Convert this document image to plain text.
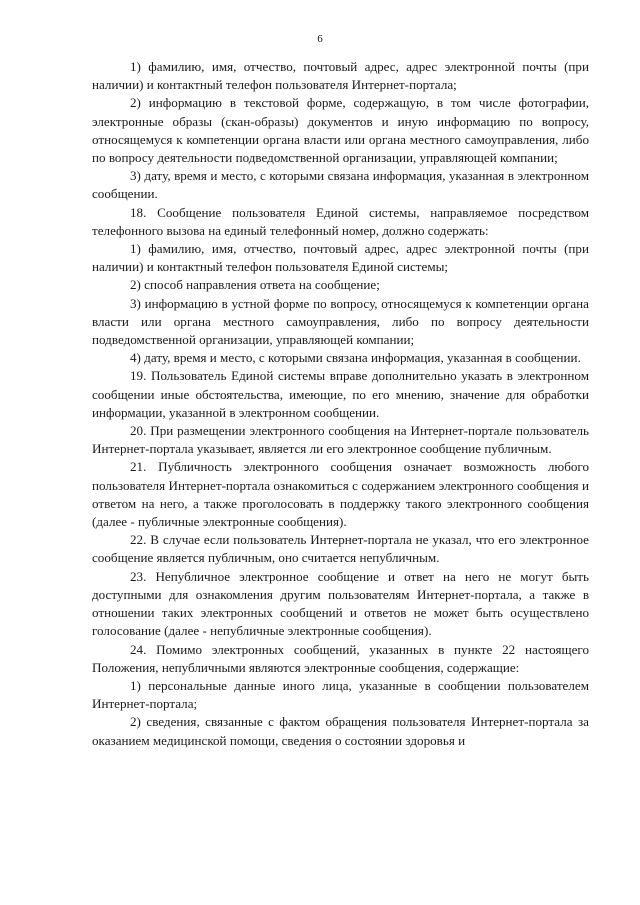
6

1) фамилию, имя, отчество, почтовый адрес, адрес электронной почты (при наличии) и контактный телефон пользователя Интернет-портала;

2) информацию в текстовой форме, содержащую, в том числе фотографии, электронные образы (скан-образы) документов и иную информацию по вопросу, относящемуся к компетенции органа власти или органа местного самоуправления, либо по вопросу деятельности подведомственной организации, управляющей компании;

3) дату, время и место, с которыми связана информация, указанная в электронном сообщении.

18. Сообщение пользователя Единой системы, направляемое посредством телефонного вызова на единый телефонный номер, должно содержать:

1) фамилию, имя, отчество, почтовый адрес, адрес электронной почты (при наличии) и контактный телефон пользователя Единой системы;

2) способ направления ответа на сообщение;

3) информацию в устной форме по вопросу, относящемуся к компетенции органа власти или органа местного самоуправления, либо по вопросу деятельности подведомственной организации, управляющей компании;

4) дату, время и место, с которыми связана информация, указанная в сообщении.

19. Пользователь Единой системы вправе дополнительно указать в электронном сообщении иные обстоятельства, имеющие, по его мнению, значение для обработки информации, указанной в электронном сообщении.

20. При размещении электронного сообщения на Интернет-портале пользователь Интернет-портала указывает, является ли его электронное сообщение публичным.

21. Публичность электронного сообщения означает возможность любого пользователя Интернет-портала ознакомиться с содержанием электронного сообщения и ответом на него, а также проголосовать в поддержку такого электронного сообщения (далее - публичные электронные сообщения).

22. В случае если пользователь Интернет-портала не указал, что его электронное сообщение является публичным, оно считается непубличным.

23. Непубличное электронное сообщение и ответ на него не могут быть доступными для ознакомления другим пользователям Интернет-портала, а также в отношении таких электронных сообщений и ответов не может быть осуществлено голосование (далее - непубличные электронные сообщения).

24. Помимо электронных сообщений, указанных в пункте 22 настоящего Положения, непубличными являются электронные сообщения, содержащие:

1) персональные данные иного лица, указанные в сообщении пользователем Интернет-портала;

2) сведения, связанные с фактом обращения пользователя Интернет-портала за оказанием медицинской помощи, сведения о состоянии здоровья и
